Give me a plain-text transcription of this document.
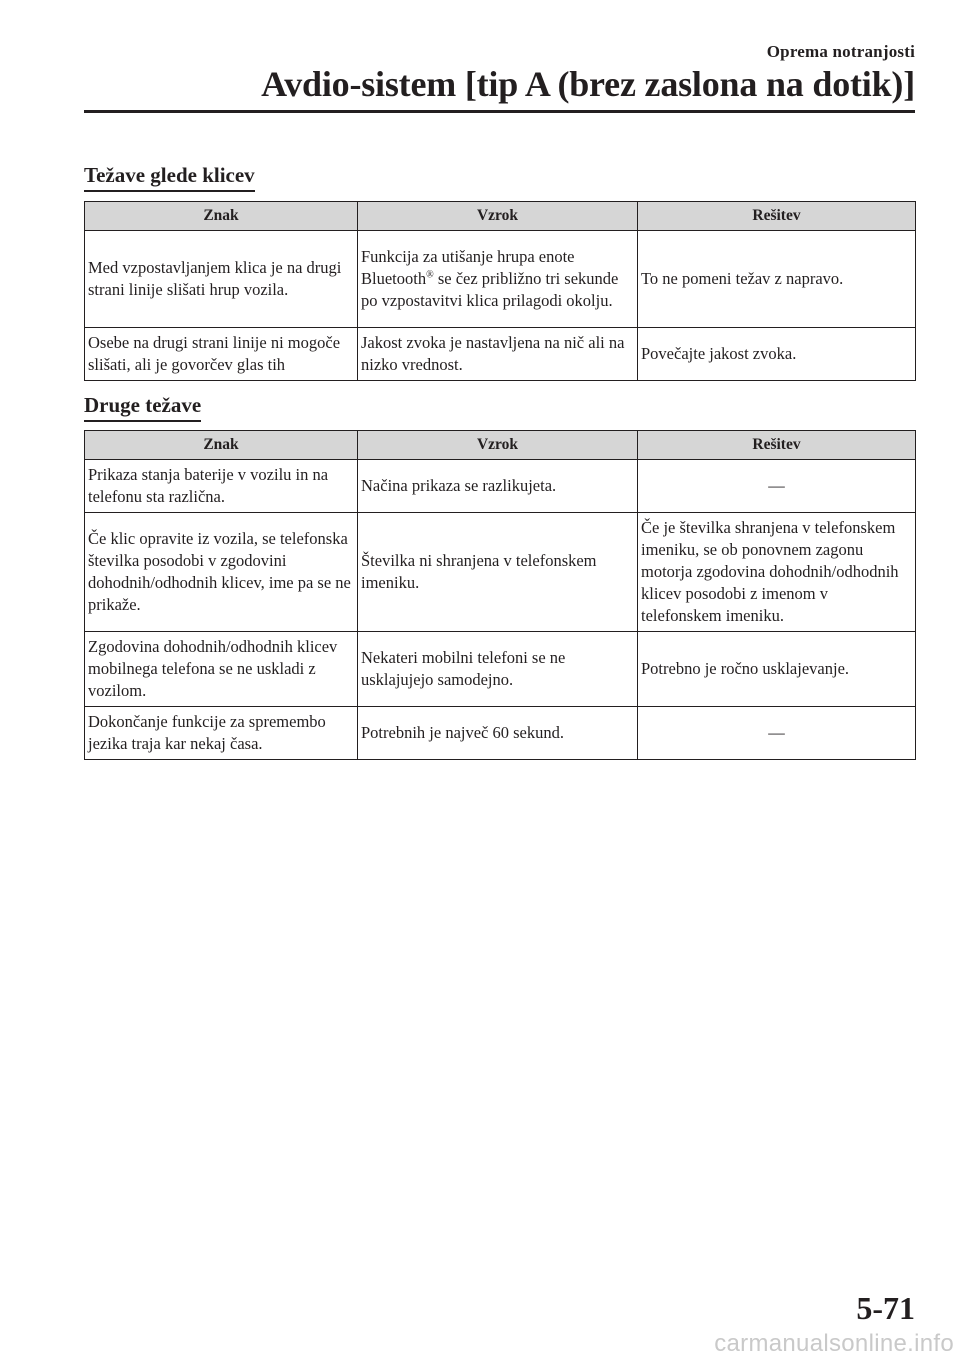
Oprema notranjosti
Avdio-sistem [tip A (brez zaslona na dotik)]
Težave glede klicev
Znak	Vzrok	Rešitev
Med vzpostavljanjem klica je na drugi strani linije slišati hrup vozila.	Funkcija za utišanje hrupa enote Bluetooth® se čez približno tri sekunde po vzpostavitvi klica prilagodi okolju.	To ne pomeni težav z napravo.
Osebe na drugi strani linije ni mogoče slišati, ali je govorčev glas tih	Jakost zvoka je nastavljena na nič ali na nizko vrednost.	Povečajte jakost zvoka.
Druge težave
Znak	Vzrok	Rešitev
Prikaza stanja baterije v vozilu in na telefonu sta različna.	Načina prikaza se razlikujeta.	—
Če klic opravite iz vozila, se telefonska številka posodobi v zgodovini dohodnih/odhodnih klicev, ime pa se ne prikaže.	Številka ni shranjena v telefonskem imeniku.	Če je številka shranjena v telefonskem imeniku, se ob ponovnem zagonu motorja zgodovina dohodnih/odhodnih klicev posodobi z imenom v telefonskem imeniku.
Zgodovina dohodnih/odhodnih klicev mobilnega telefona se ne uskladi z vozilom.	Nekateri mobilni telefoni se ne usklajujejo samodejno.	Potrebno je ročno usklajevanje.
Dokončanje funkcije za spremembo jezika traja kar nekaj časa.	Potrebnih je največ 60 sekund.	—
5-71
carmanualsonline.info
